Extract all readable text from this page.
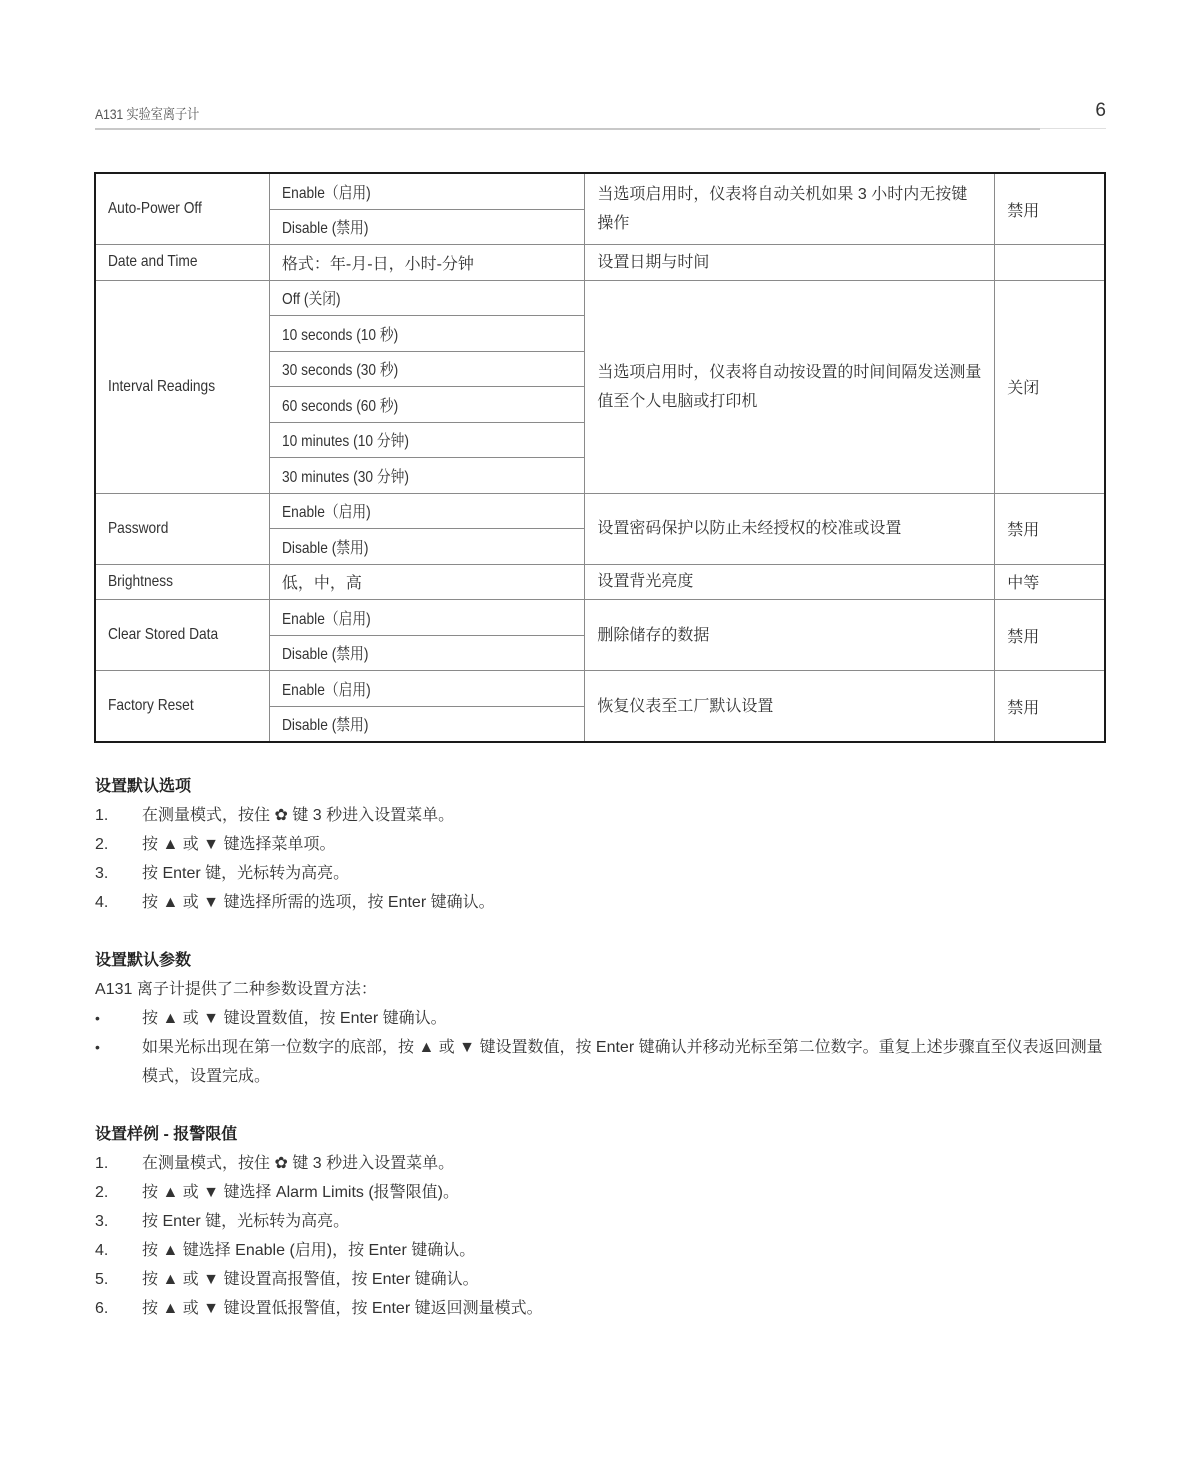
A131 实验室离子计	6
Auto-Power Off	Enable（启用)	当选项启用时，仪表将自动关机如果 3 小时内无按键操作	禁用
	Disable (禁用)		
Date and Time	格式：年-月-日，小时-分钟	设置日期与时间	
Interval Readings	Off (关闭)	当选项启用时，仪表将自动按设置的时间间隔发送测量值至个人电脑或打印机	关闭
	10 seconds (10 秒)		
	30 seconds (30 秒)		
	60 seconds (60 秒)		
	10 minutes (10 分钟)		
	30 minutes (30 分钟)		
Password	Enable（启用)	设置密码保护以防止未经授权的校准或设置	禁用
	Disable (禁用)		
Brightness	低，中，高	设置背光亮度	中等
Clear Stored Data	Enable（启用)	删除储存的数据	禁用
	Disable (禁用)		
Factory Reset	Enable（启用)	恢复仪表至工厂默认设置	禁用
	Disable (禁用)		
设置默认选项
1.	在测量模式，按住 ✿ 键 3 秒进入设置菜单。
2.	按 ▲ 或 ▼ 键选择菜单项。
3.	按 Enter 键，光标转为高亮。
4.	按 ▲ 或 ▼ 键选择所需的选项，按 Enter 键确认。
设置默认参数
A131 离子计提供了二种参数设置方法：
•	按 ▲ 或 ▼ 键设置数值，按 Enter 键确认。
•	如果光标出现在第一位数字的底部，按 ▲ 或 ▼ 键设置数值，按 Enter 键确认并移动光标至第二位数字。重复上述步骤直至仪表返回测量模式，设置完成。
设置样例 - 报警限值
1.	在测量模式，按住 ✿ 键 3 秒进入设置菜单。
2.	按 ▲ 或 ▼ 键选择 Alarm Limits (报警限值)。
3.	按 Enter 键，光标转为高亮。
4.	按 ▲ 键选择 Enable (启用)，按 Enter 键确认。
5.	按 ▲ 或 ▼ 键设置高报警值，按 Enter 键确认。
6.	按 ▲ 或 ▼ 键设置低报警值，按 Enter 键返回测量模式。
